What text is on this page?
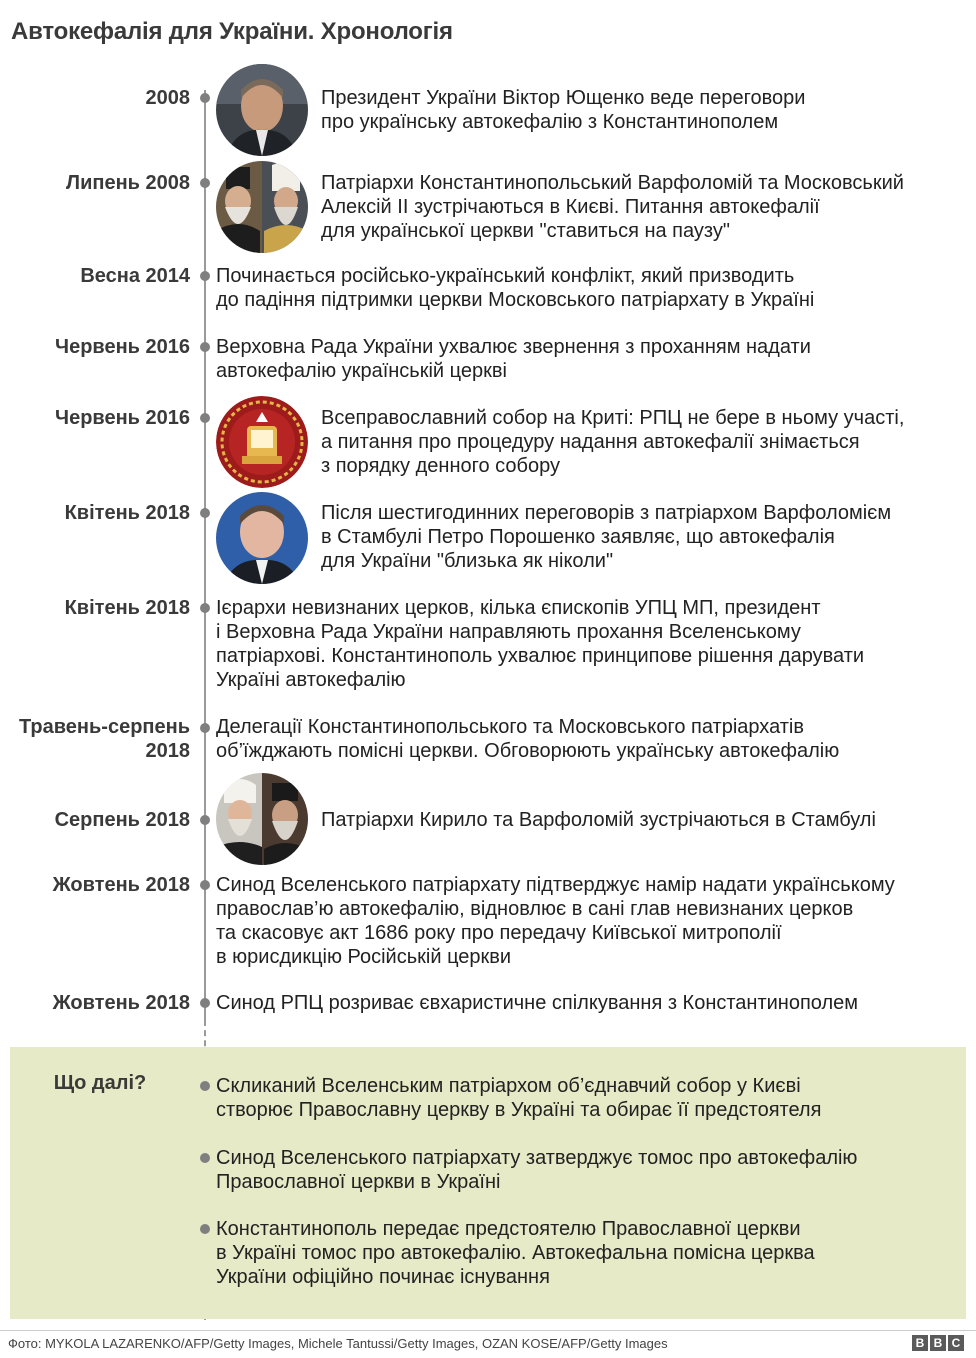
Автокефалія для України. Хронологія
2008	Президент України Віктор Ющенко веде переговори
про українську автокефалію з Константинополем
Липень 2008	Патріархи Константинопольський Варфоломій та Московський
Алексій II зустрічаються в Києві. Питання автокефалії
для української церкви "ставиться на паузу"
Весна 2014 Починається російсько-український конфлікт, який призводить
до падіння підтримки церкви Московського патріархату в Україні
Червень 2016 Верховна Рада України ухвалює звернення з проханням надати
автокефалію українській церкві
Червень 2016	Всеправославний собор на Криті: РПЦ не бере в ньому участі,
а питання про процедуру надання автокефалії знімається
з порядку денного собору
Квітень 2018	Після шестигодинних переговорів з патріархом Варфоломієм
в Стамбулі Петро Порошенко заявляє, що автокефалія
для України "близька як ніколи"
Квітень 2018 Ієрархи невизнаних церков, кілька єпископів УПЦ МП, президент
і Верховна Рада України направляють прохання Вселенському
патріархові. Константинополь ухвалює принципове рішення дарувати
Україні автокефалію
Травень-серпень
2018
Делегації Константинопольського та Московського патріархатів
об’їжджають помісні церкви. Обговорюють українську автокефалію
Серпень 2018	Патріархи Кирило та Варфоломій зустрічаються в Стамбулі
Жовтень 2018 Синод Вселенського патріархату підтверджує намір надати українському
православ’ю автокефалію, відновлює в сані глав невизнаних церков
та скасовує акт 1686 року про передачу Київської митрополії
в юрисдикцію Російській церкви
Жовтень 2018 Синод РПЦ розриває євхаристичне спілкування з Константинополем
Що далі?	Скликаний Вселенським патріархом об’єднавчий собор у Києві
створює Православну церкву в Україні та обирає її предстоятеля
Синод Вселенського патріархату затверджує томос про автокефалію
Православної церкви в Україні
Константинополь передає предстоятелю Православної церкви
в Україні томос про автокефалію. Автокефальна помісна церква
України офіційно починає існування
Фото: MYKOLA LAZARENKO/AFP/Getty Images, Michele Tantussi/Getty Images, OZAN KOSE/AFP/Getty Images	B B C
